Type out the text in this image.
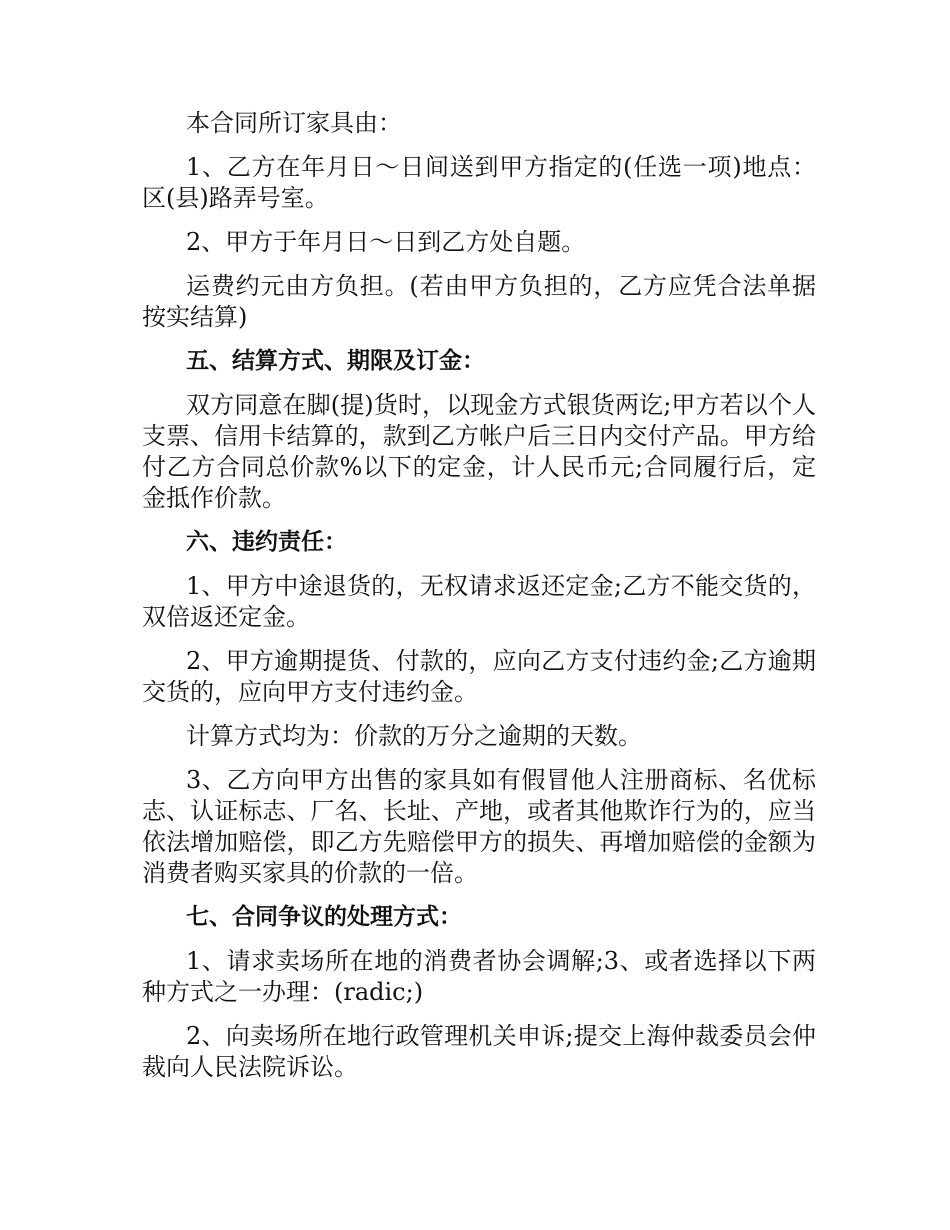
本合同所订家具由：

1、乙方在年月日～日间送到甲方指定的(任选一项)地点：区(县)路弄号室。

2、甲方于年月日～日到乙方处自题。

运费约元由方负担。(若由甲方负担的，乙方应凭合法单据按实结算)

五、结算方式、期限及订金：

双方同意在脚(提)货时，以现金方式银货两讫;甲方若以个人支票、信用卡结算的，款到乙方帐户后三日内交付产品。甲方给付乙方合同总价款%以下的定金，计人民币元;合同履行后，定金抵作价款。

六、违约责任：

1、甲方中途退货的，无权请求返还定金;乙方不能交货的，双倍返还定金。

2、甲方逾期提货、付款的，应向乙方支付违约金;乙方逾期交货的，应向甲方支付违约金。

计算方式均为：价款的万分之逾期的天数。

3、乙方向甲方出售的家具如有假冒他人注册商标、名优标志、认证标志、厂名、长址、产地，或者其他欺诈行为的，应当依法增加赔偿，即乙方先赔偿甲方的损失、再增加赔偿的金额为消费者购买家具的价款的一倍。

七、合同争议的处理方式：

1、请求卖场所在地的消费者协会调解;3、或者选择以下两种方式之一办理：(radic;)

2、向卖场所在地行政管理机关申诉;提交上海仲裁委员会仲裁向人民法院诉讼。
